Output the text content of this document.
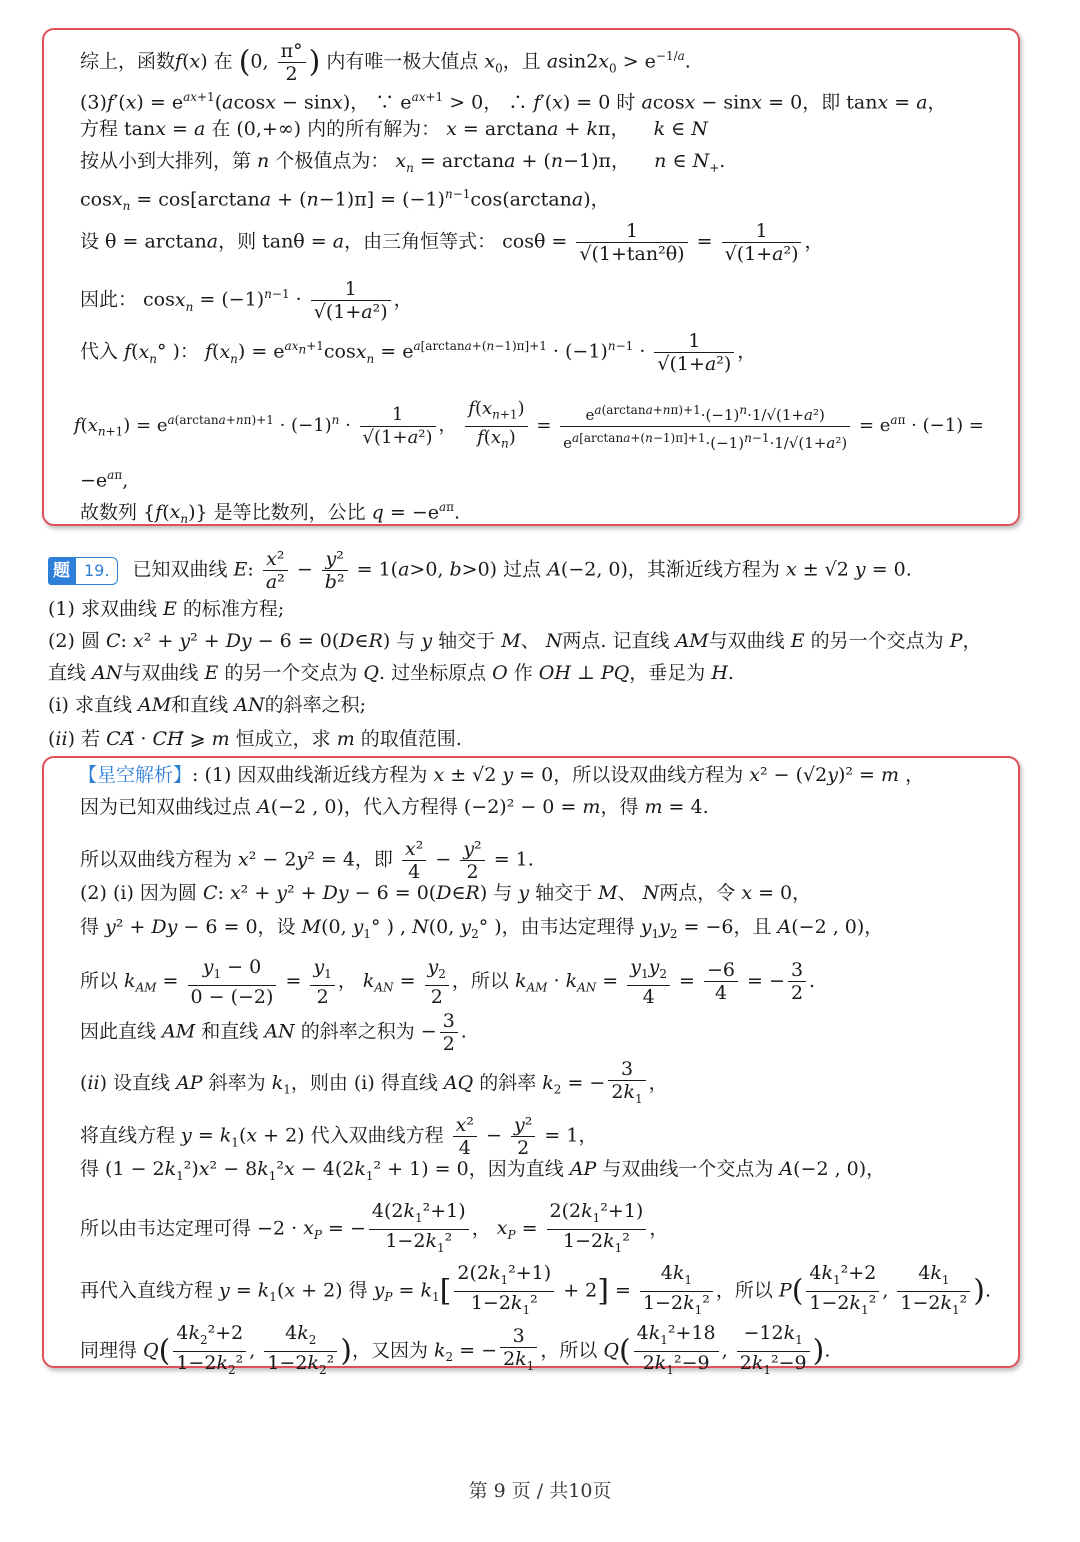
综上，函数f(x) 在 (0, $\frac{\pi^\circ}{2}$ ) 内有唯一极大值点 $x_0$，且 $asin2x_0 > e^{-1/a}$.
$(3)f'(x) = e^{ax+1}(acosx - \sin x)$， ∵ $e^{ax+1} > 0$， ∴ f′(x) = 0 时 acosx − sinx = 0，即 tanx = a，
方程 tanx = a 在 (0,+∞) 内的所有解为： x = arctana + kπ，    k ∈ N
按从小到大排列，第 n 个极值点为： $x_n = \arctan a + (n-1)\pi$，    n ∈ $N_+$.
$\cos x_n = \cos[\arctan a + (n-1)\pi] = (-1)^{n-1}\cos(\arctan a)$，
设 θ = arctana，则 tanθ = a，由三角恒等式： $\cos\theta = \frac{1}{\text{√(1+tan²θ)}} = \frac{1}{\text{√(1+a²)}}$ ，
因此： $\cos x_n = (-1)^{n-1} \cdot \frac{1}{\text{√(1+a²)}}$ ，
代入 $f(x_n^\circ$ )： $f(x_n) = e^{ax_n+1}\cos x_n = e^{a[arctana+(n-1)\pi]+1} \cdot (-1)^{n-1} \cdot \frac{1}{\text{√(1+a²)}}$ ，
$f(x_{n+1}) = e^{a(arctana+n\pi)+1} \cdot (-1)^n \cdot \frac{1}{\text{√(1+a²)}}$ ， $\frac{f(x_{n+1})}{f(x_n)} = \frac{e^{a(arctana+n\pi)+1}\cdot(-1)^n\cdot 1/√(1+a^2)}{e^{a[arctana+(n-1)\pi]+1}\cdot(-1)^{n-1}\cdot 1/√(1+a^2)} = e^{a\pi} \cdot (-1)$ =
$-e^{a\pi}$,
故数列 $\{f(x_n)\}$ 是等比数列，公比 $q = -e^{a\pi}$.
题 19. 已知双曲线 E: $\frac{\text{x²}}{\text{a²}} - \frac{\text{y²}}{\text{b²}} = 1(a>0$, b>0) 过点 A(−2, 0)，其渐近线方程为 x ± √2 y = 0.
(1) 求双曲线 E 的标准方程;
(2) 圆 C: x² + y² + Dy − 6 = 0(D∈R) 与 y 轴交于 M、 N两点. 记直线 AM与双曲线 E 的另一个交点为 P，
直线 AN与双曲线 E 的另一个交点为 Q. 过坐标原点 O 作 OH ⊥ PQ，垂足为 H.
(i) 求直线 AM和直线 AN的斜率之积;
(ii) 若 CA⃗ · CH⃗ ⩾ m 恒成立，求 m 的取值范围.
【星空解析】: (1) 因双曲线渐近线方程为 x ± √2 y = 0，所以设双曲线方程为 x² − (√2y)² = m ，
因为已知双曲线过点 A(−2 , 0)，代入方程得 (−2)² − 0 = m，得 m = 4.
所以双曲线方程为 x² − 2y² = 4，即 $\frac{\text{x²}}{4} - \frac{\text{y²}}{2} = 1$.
(2) (i) 因为圆 C: x² + y² + Dy − 6 = 0(D∈R) 与 y 轴交于 M、 N两点，令 x = 0，
得 y² + Dy − 6 = 0，设 M(0, $y_1^\circ$ ) , N(0, $y_2^\circ$ )，由韦达定理得 $y_1y_2 = -6$，且 A(−2 , 0)，
所以 $k_{AM} = \frac{y_1 - 0}{0 - (-2)} = \frac{y_1}{2}$ ， $k_{AN} = \frac{y_2}{2}$ ，所以 $k_{AM} \cdot k_{AN} = \frac{y_1y_2}{4} = \frac{-6}{4}$ = − $\frac{3}{2}$ .
因此直线 AM 和直线 AN 的斜率之积为 − $\frac{3}{2}$ .
(ii) 设直线 AP 斜率为 $k_1$，则由 (i) 得直线 AQ 的斜率 $k_2$ = − $\frac{3}{2k_1}$ ，
将直线方程 $y = k_1(x + 2)$ 代入双曲线方程 $\frac{\text{x²}}{4} - \frac{\text{y²}}{2} = 1$，
得 $(1 - 2k_1^2)x^2 - 8k_1^2x - 4(2k_1^2 + 1) = 0$，因为直线 AP 与双曲线一个交点为 A(−2 , 0)，
所以由韦达定理可得 $-2 \cdot x_P$ = − $\frac{4(2k_1^2+1)}{1-2k_1^2}$ ， $x_P = \frac{2(2k_1^2+1)}{1-2k_1^2}$ ，
再代入直线方程 $y = k_1(x + 2)$ 得 $y_P = k_1[ \frac{2(2k_1^2+1)}{1-2k_1^2} + 2] = \frac{4k_1}{1-2k_1^2}$ ，所以 $P( \frac{4k_1^2+2}{1-2k_1^2}$ , $\frac{4k_1}{1-2k_1^2}$ ).
同理得 $Q( \frac{4k_2^2+2}{1-2k_2^2}$ , $\frac{4k_2}{1-2k_2^2}$ )，又因为 $k_2$ = − $\frac{3}{2k_1}$ ，所以 $Q( \frac{4k_1^2+18}{2k_1^2-9}$ , $\frac{-12k_1}{2k_1^2-9}$ ).
第 9 页 / 共10页
